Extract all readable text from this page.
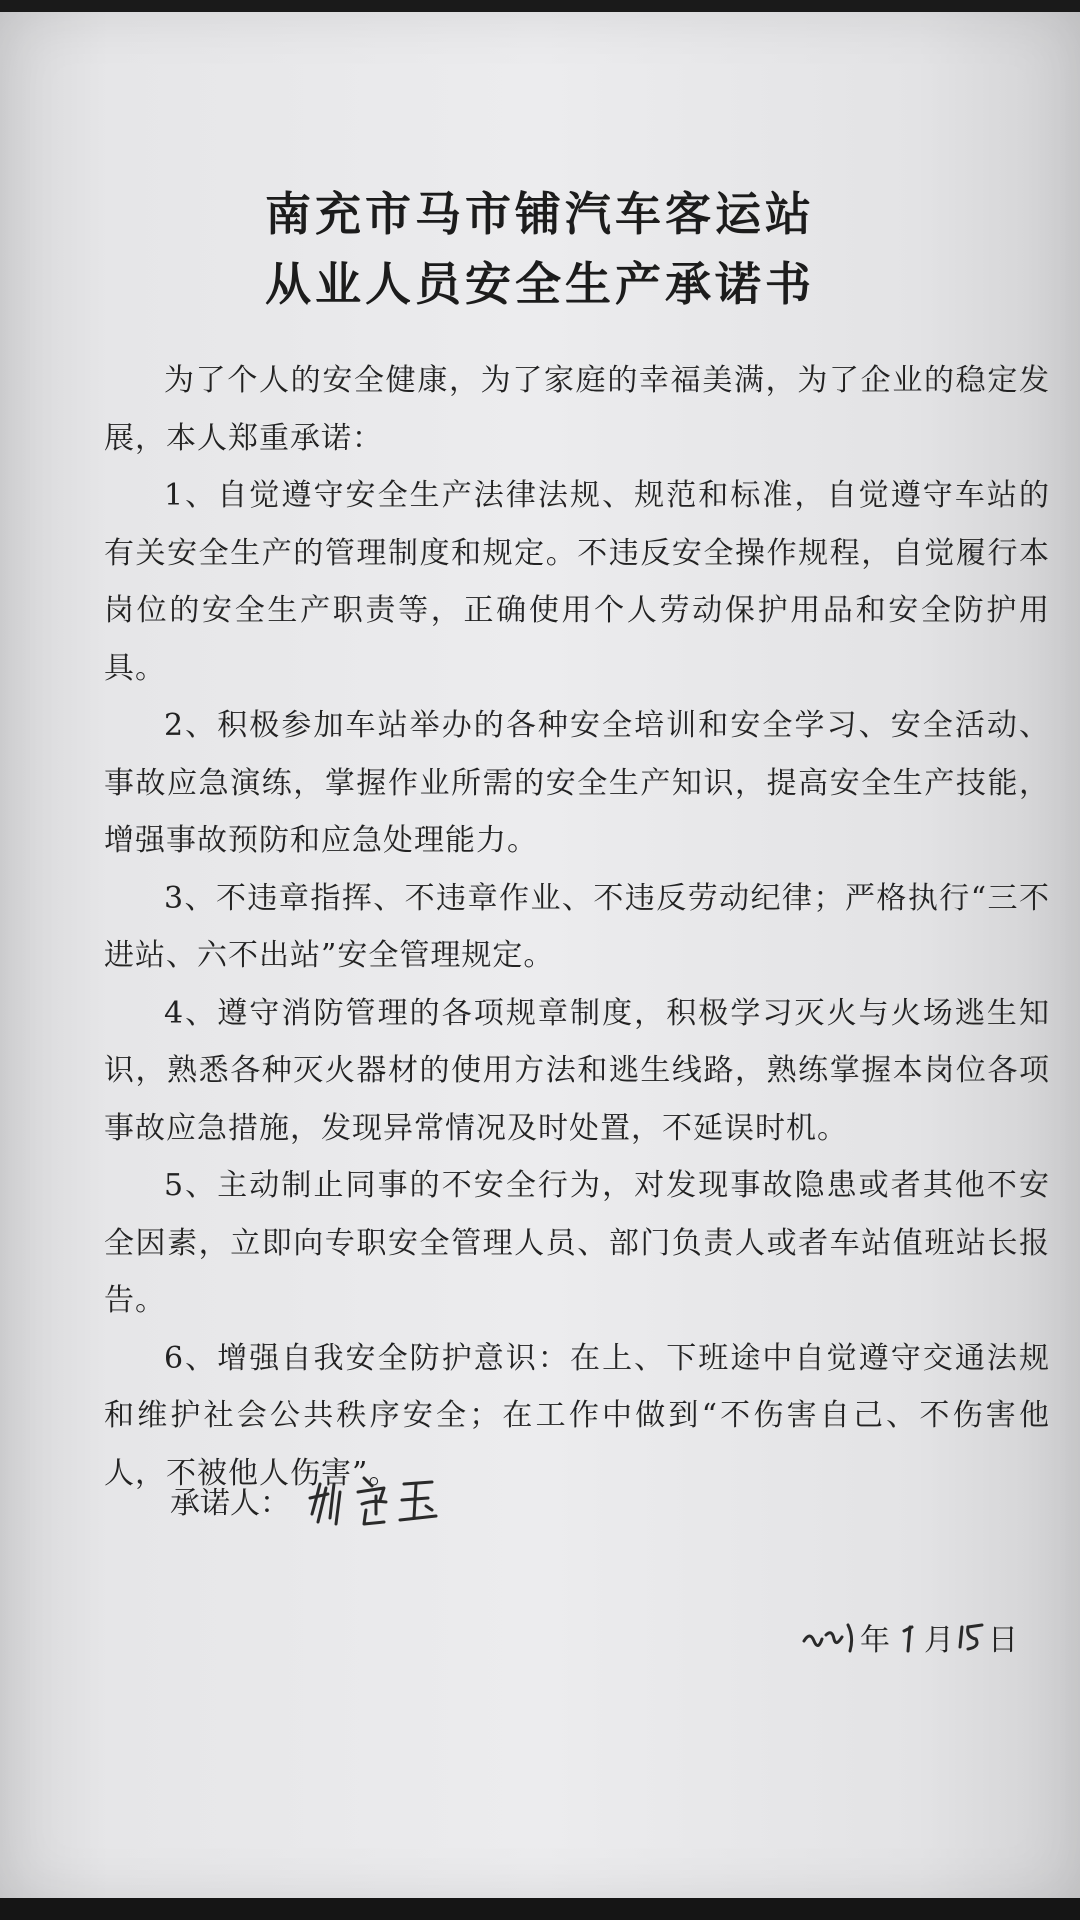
南充市马市铺汽车客运站
从业人员安全生产承诺书

为了个人的安全健康，为了家庭的幸福美满，为了企业的稳定发展，本人郑重承诺：

1、自觉遵守安全生产法律法规、规范和标准，自觉遵守车站的有关安全生产的管理制度和规定。不违反安全操作规程，自觉履行本岗位的安全生产职责等，正确使用个人劳动保护用品和安全防护用具。

2、积极参加车站举办的各种安全培训和安全学习、安全活动、事故应急演练，掌握作业所需的安全生产知识，提高安全生产技能，增强事故预防和应急处理能力。

3、不违章指挥、不违章作业、不违反劳动纪律；严格执行“三不进站、六不出站”安全管理规定。

4、遵守消防管理的各项规章制度，积极学习灭火与火场逃生知识，熟悉各种灭火器材的使用方法和逃生线路，熟练掌握本岗位各项事故应急措施，发现异常情况及时处置，不延误时机。

5、主动制止同事的不安全行为，对发现事故隐患或者其他不安全因素，立即向专职安全管理人员、部门负责人或者车站值班站长报告。

6、增强自我安全防护意识：在上、下班途中自觉遵守交通法规和维护社会公共秩序安全；在工作中做到“不伤害自己、不伤害他人，不被他人伤害”。

承诺人：
年 月 日
